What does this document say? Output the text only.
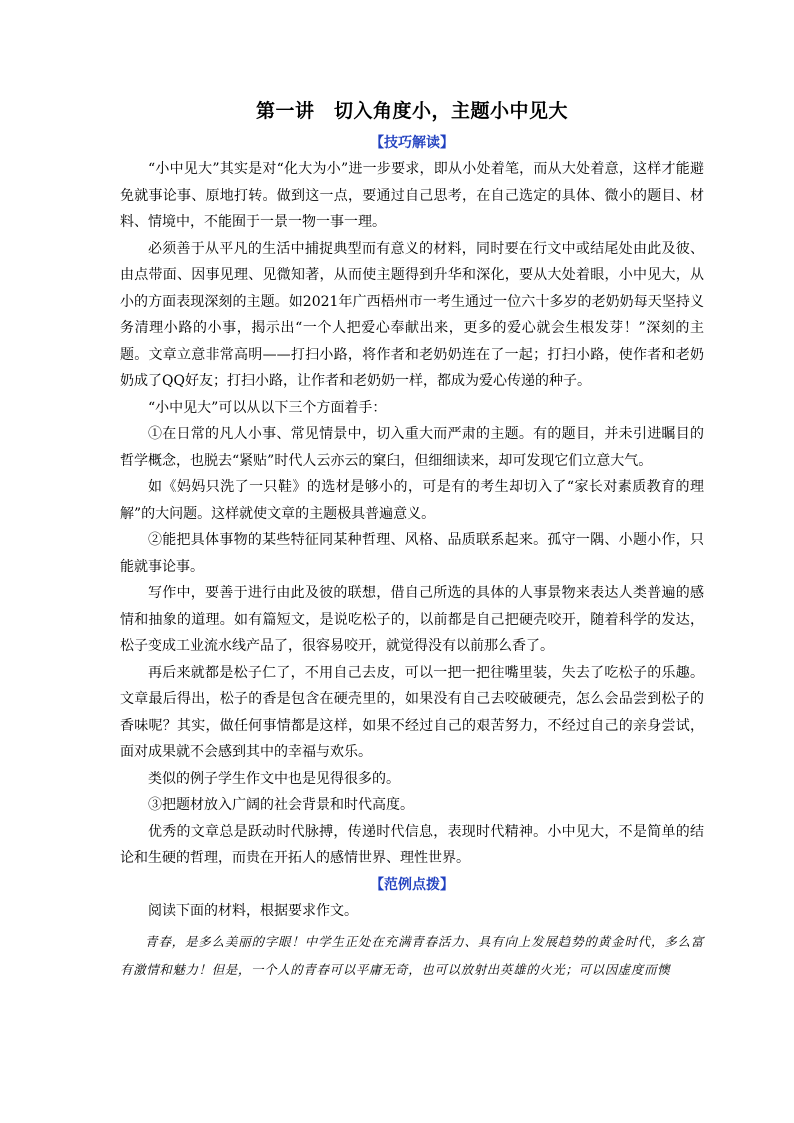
第一讲　切入角度小，主题小中见大

【技巧解读】

“小中见大”其实是对“化大为小”进一步要求，即从小处着笔，而从大处着意，这样才能避免就事论事、原地打转。做到这一点，要通过自己思考，在自己选定的具体、微小的题目、材料、情境中，不能囿于一景一物一事一理。

必须善于从平凡的生活中捕捉典型而有意义的材料，同时要在行文中或结尾处由此及彼、由点带面、因事见理、见微知著，从而使主题得到升华和深化，要从大处着眼，小中见大，从小的方面表现深刻的主题。如2021年广西梧州市一考生通过一位六十多岁的老奶奶每天坚持义务清理小路的小事，揭示出“一个人把爱心奉献出来，更多的爱心就会生根发芽！”深刻的主题。文章立意非常高明——打扫小路，将作者和老奶奶连在了一起；打扫小路，使作者和老奶奶成了QQ好友；打扫小路，让作者和老奶奶一样，都成为爱心传递的种子。

“小中见大”可以从以下三个方面着手：

①在日常的凡人小事、常见情景中，切入重大而严肃的主题。有的题目，并未引进瞩目的哲学概念，也脱去“紧贴”时代人云亦云的窠臼，但细细读来，却可发现它们立意大气。

如《妈妈只洗了一只鞋》的选材是够小的，可是有的考生却切入了“家长对素质教育的理解”的大问题。这样就使文章的主题极具普遍意义。

②能把具体事物的某些特征同某种哲理、风格、品质联系起来。孤守一隅、小题小作，只能就事论事。

写作中，要善于进行由此及彼的联想，借自己所选的具体的人事景物来表达人类普遍的感情和抽象的道理。如有篇短文，是说吃松子的，以前都是自己把硬壳咬开，随着科学的发达，松子变成工业流水线产品了，很容易咬开，就觉得没有以前那么香了。

再后来就都是松子仁了，不用自己去皮，可以一把一把往嘴里装，失去了吃松子的乐趣。文章最后得出，松子的香是包含在硬壳里的，如果没有自己去咬破硬壳，怎么会品尝到松子的香味呢？其实，做任何事情都是这样，如果不经过自己的艰苦努力，不经过自己的亲身尝试，面对成果就不会感到其中的幸福与欢乐。

类似的例子学生作文中也是见得很多的。

③把题材放入广阔的社会背景和时代高度。

优秀的文章总是跃动时代脉搏，传递时代信息，表现时代精神。小中见大，不是简单的结论和生硬的哲理，而贵在开拓人的感情世界、理性世界。

【范例点拨】

阅读下面的材料，根据要求作文。

青春，是多么美丽的字眼！中学生正处在充满青春活力、具有向上发展趋势的黄金时代，多么富有激情和魅力！但是，一个人的青春可以平庸无奇，也可以放射出英雄的火光；可以因虚度而懊
